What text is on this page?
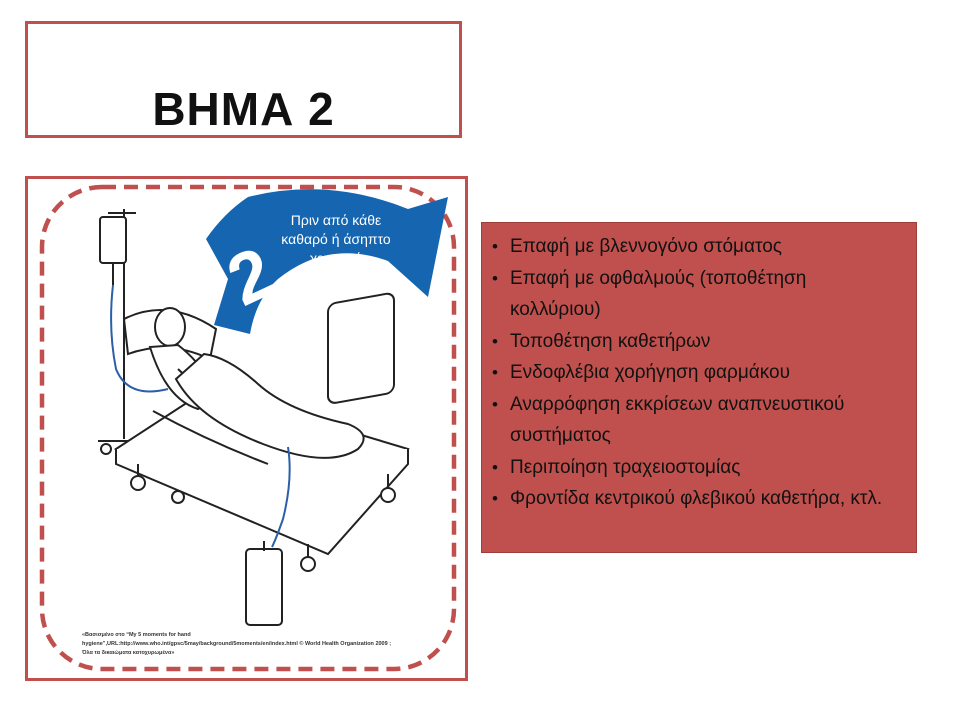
ΒΗΜΑ 2
2
Πριν από κάθε
καθαρό ή άσηπτο
χειρισμό
«Βασισμένο στο “My 5 moments for hand
hygiene”,URL:http://www.who.int/gpsc/5may/background/5moments/en/index.html © World Health Organization 2009 ;
Όλα τα δικαιώματα κατοχυρωμένα»
• Επαφή με βλεννογόνο στόματος
• Επαφή με οφθαλμούς (τοποθέτηση κολλύριου)
• Τοποθέτηση καθετήρων
• Ενδοφλέβια χορήγηση φαρμάκου
• Αναρρόφηση εκκρίσεων αναπνευστικού συστήματος
• Περιποίηση τραχειοστομίας
• Φροντίδα κεντρικού φλεβικού καθετήρα, κτλ.
